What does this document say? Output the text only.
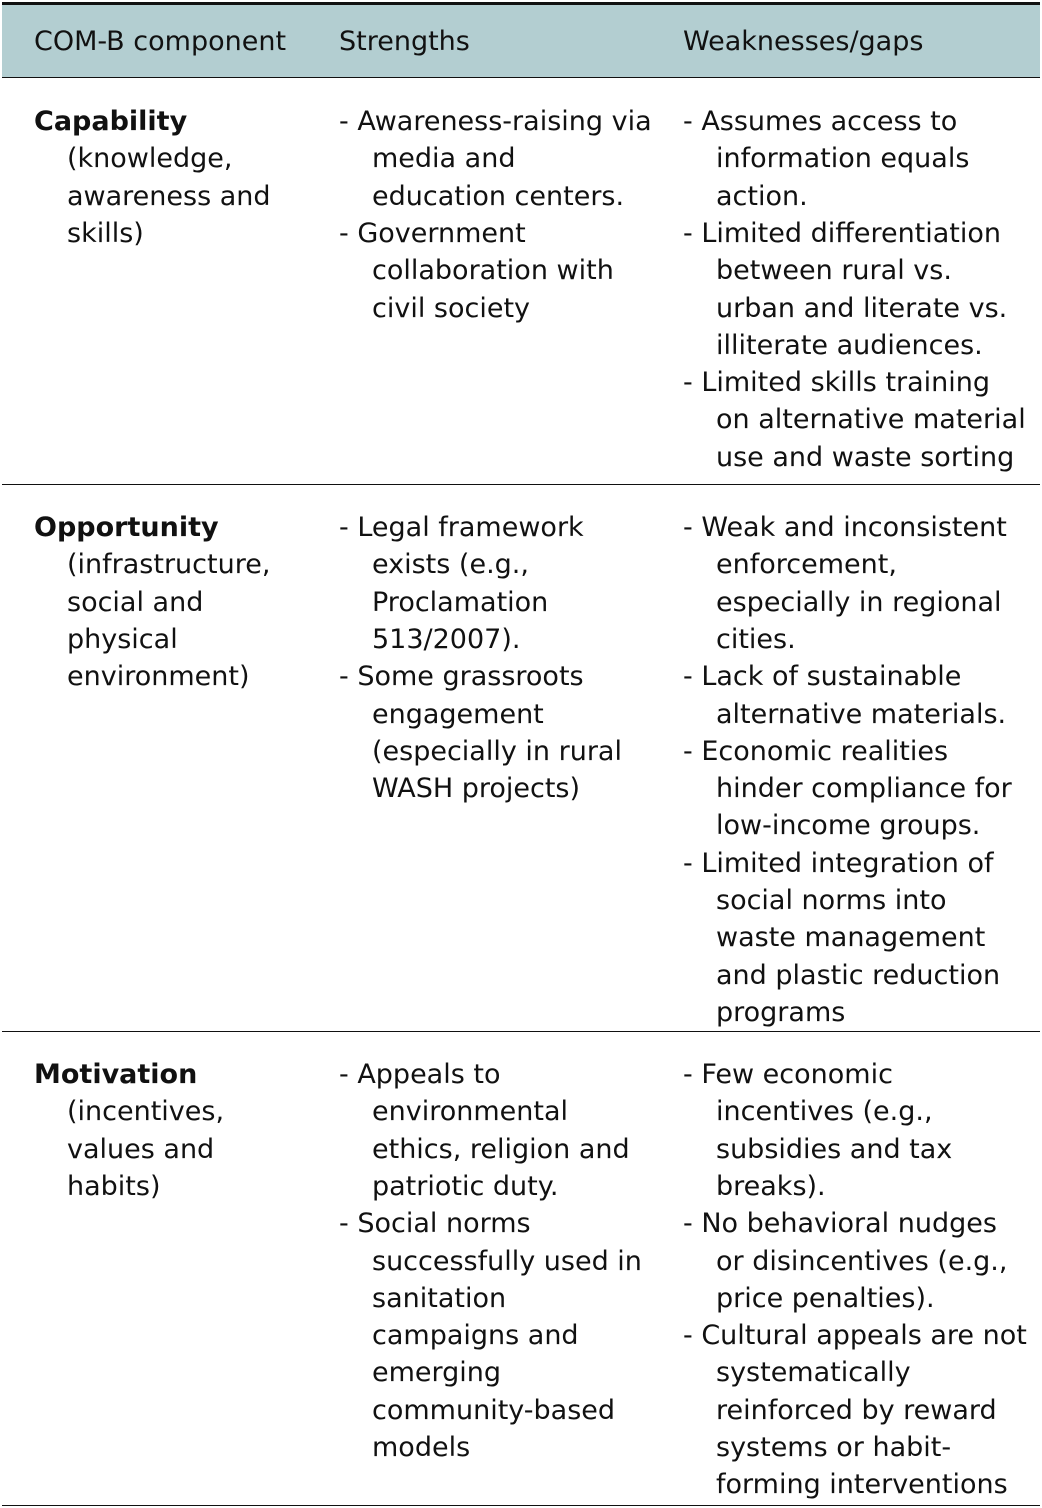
COM-B component Strengths	Weaknesses/gaps
Capability
(knowledge,
awareness and
skills)
- Awareness-raising via
media and
education centers.
- Government
collaboration with
civil society
- Assumes access to
information equals
action.
- Limited differentiation
between rural vs.
urban and literate vs.
illiterate audiences.
- Limited skills training
on alternative material
use and waste sorting
Opportunity
(infrastructure,
social and
physical
environment)
- Legal framework
exists (e.g.,
Proclamation
513/2007).
- Some grassroots
engagement
(especially in rural
WASH projects)
- Weak and inconsistent
enforcement,
especially in regional
cities.
- Lack of sustainable
alternative materials.
- Economic realities
hinder compliance for
low-income groups.
- Limited integration of
social norms into
waste management
and plastic reduction
programs
Motivation
(incentives,
values and
habits)
- Appeals to
environmental
ethics, religion and
patriotic duty.
- Social norms
successfully used in
sanitation
campaigns and
emerging
community-based
models
- Few economic
incentives (e.g.,
subsidies and tax
breaks).
- No behavioral nudges
or disincentives (e.g.,
price penalties).
- Cultural appeals are not
systematically
reinforced by reward
systems or habit-
forming interventions
